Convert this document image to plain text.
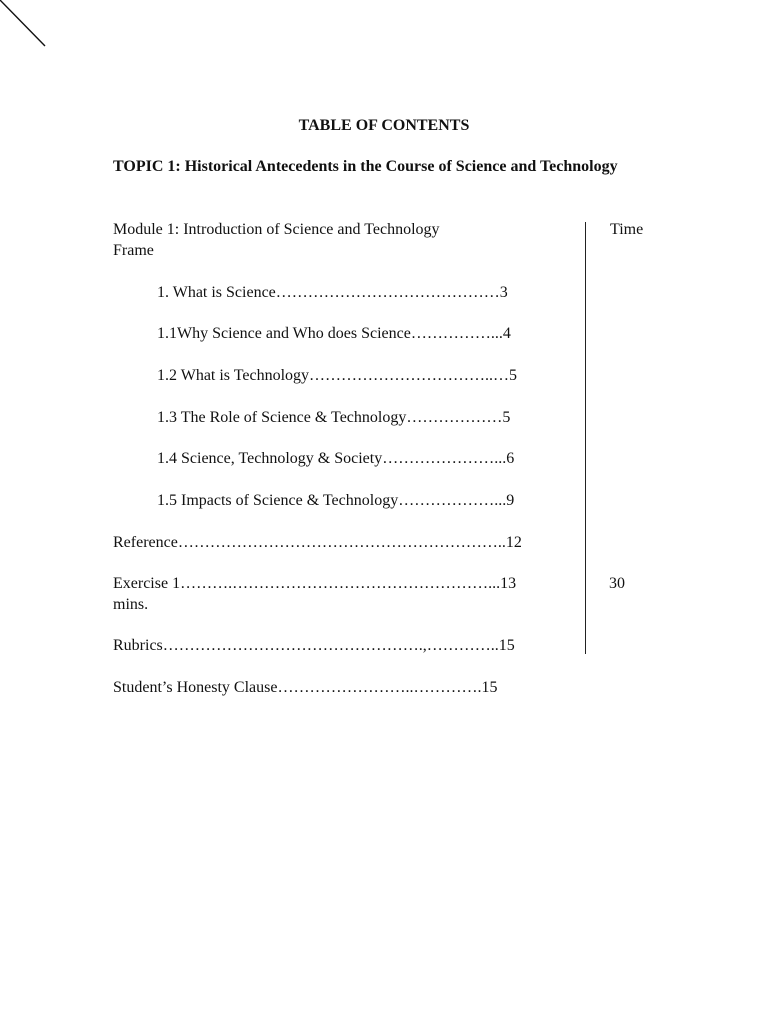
TABLE OF CONTENTS
TOPIC 1: Historical Antecedents in the Course of Science and Technology
Module 1: Introduction of Science and Technology
Frame
Time
1. What is Science……………………………………3
1.1Why Science and Who does Science……………...4
1.2 What is Technology……………………………..…5
1.3 The Role of Science & Technology………………5
1.4 Science, Technology & Society…………………...6
1.5 Impacts of Science & Technology………………...9
Reference……………………………………………………..12
Exercise 1……….…………………………………………...13
mins.
30
Rubrics………………………………………….,…………..15
Student’s Honesty Clause……………………..………….15
